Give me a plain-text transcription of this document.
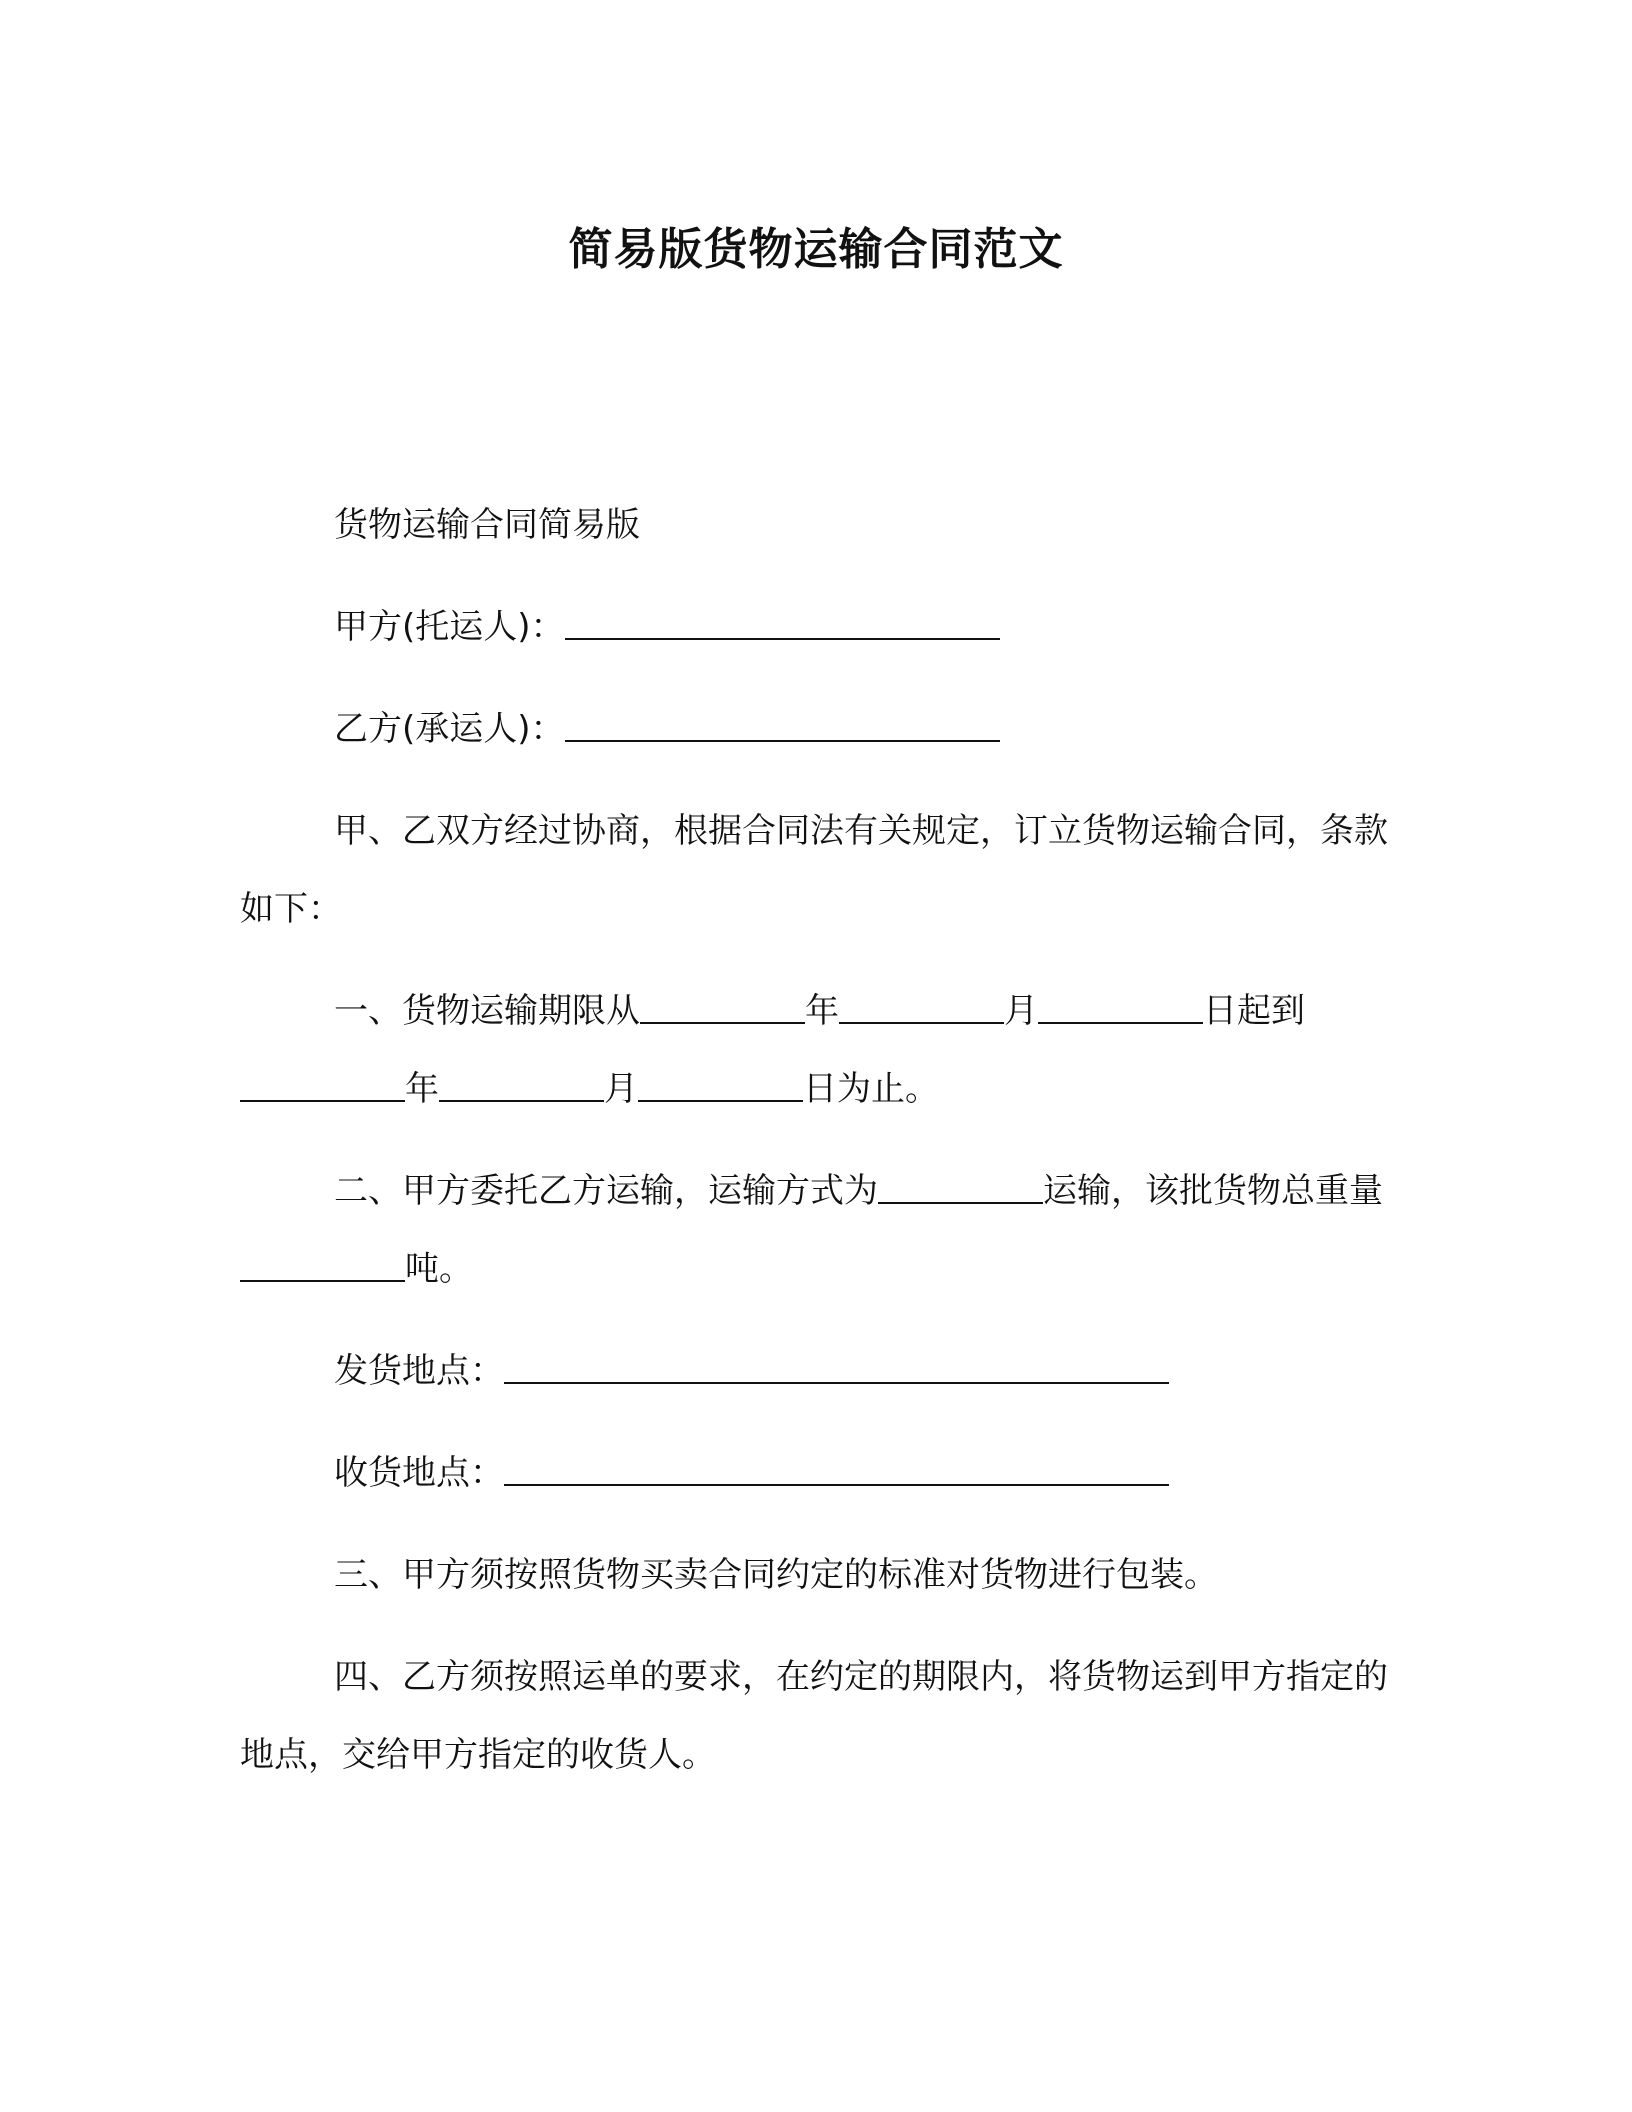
简易版货物运输合同范文

货物运输合同简易版

甲方(托运人)：

乙方(承运人)：

甲、乙双方经过协商，根据合同法有关规定，订立货物运输合同，条款如下：

一、货物运输期限从	年	月	日起到年	月	日为止。

二、甲方委托乙方运输，运输方式为	运输，该批货物总重量吨。

发货地点：

收货地点：

三、甲方须按照货物买卖合同约定的标准对货物进行包装。

四、乙方须按照运单的要求，在约定的期限内，将货物运到甲方指定的地点，交给甲方指定的收货人。
